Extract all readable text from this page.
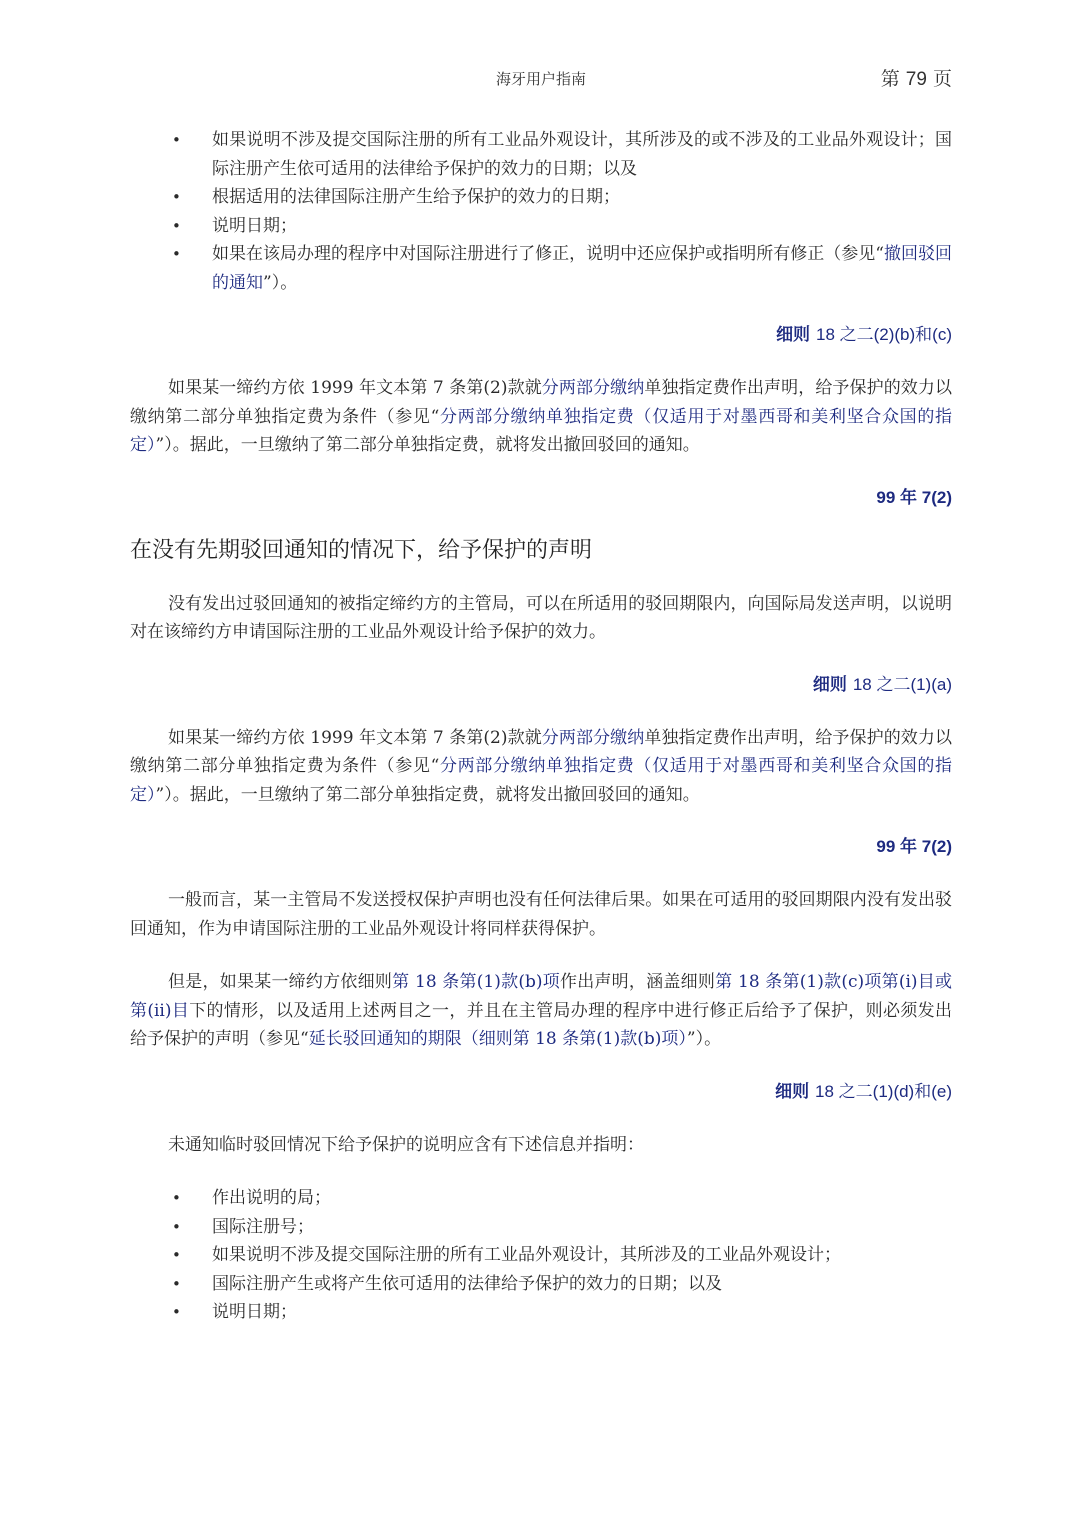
海牙用户指南	第 79 页
• 如果说明不涉及提交国际注册的所有工业品外观设计，其所涉及的或不涉及的工业品外观设计；国际注册产生依可适用的法律给予保护的效力的日期；以及
• 根据适用的法律国际注册产生给予保护的效力的日期；
• 说明日期；
• 如果在该局办理的程序中对国际注册进行了修正，说明中还应保护或指明所有修正（参见“撤回驳回的通知”）。

细则 18 之二(2)(b)和(c)

如果某一缔约方依 1999 年文本第 7 条第(2)款就分两部分缴纳单独指定费作出声明，给予保护的效力以缴纳第二部分单独指定费为条件（参见“分两部分缴纳单独指定费（仅适用于对墨西哥和美利坚合众国的指定）”）。据此，一旦缴纳了第二部分单独指定费，就将发出撤回驳回的通知。

99 年 7(2)

在没有先期驳回通知的情况下，给予保护的声明

没有发出过驳回通知的被指定缔约方的主管局，可以在所适用的驳回期限内，向国际局发送声明，以说明对在该缔约方申请国际注册的工业品外观设计给予保护的效力。

细则 18 之二(1)(a)

如果某一缔约方依 1999 年文本第 7 条第(2)款就分两部分缴纳单独指定费作出声明，给予保护的效力以缴纳第二部分单独指定费为条件（参见“分两部分缴纳单独指定费（仅适用于对墨西哥和美利坚合众国的指定）”）。据此，一旦缴纳了第二部分单独指定费，就将发出撤回驳回的通知。

99 年 7(2)

一般而言，某一主管局不发送授权保护声明也没有任何法律后果。如果在可适用的驳回期限内没有发出驳回通知，作为申请国际注册的工业品外观设计将同样获得保护。

但是，如果某一缔约方依细则第 18 条第(1)款(b)项作出声明，涵盖细则第 18 条第(1)款(c)项第(i)目或第(ii)目下的情形，以及适用上述两目之一，并且在主管局办理的程序中进行修正后给予了保护，则必须发出给予保护的声明（参见“延长驳回通知的期限（细则第 18 条第(1)款(b)项）”）。

细则 18 之二(1)(d)和(e)

未通知临时驳回情况下给予保护的说明应含有下述信息并指明：

• 作出说明的局；
• 国际注册号；
• 如果说明不涉及提交国际注册的所有工业品外观设计，其所涉及的工业品外观设计；
• 国际注册产生或将产生依可适用的法律给予保护的效力的日期；以及
• 说明日期；
